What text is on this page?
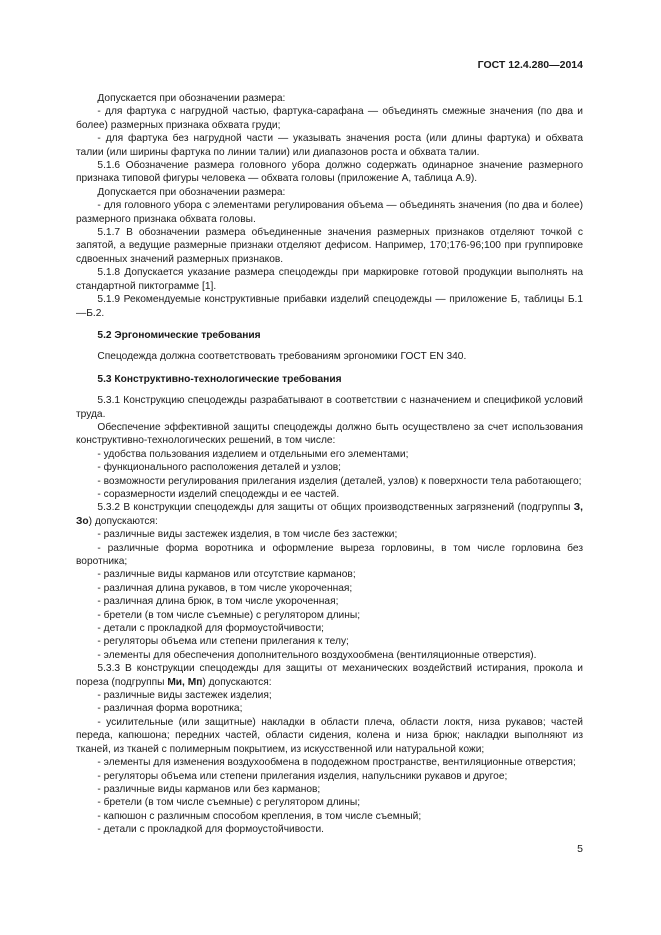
ГОСТ 12.4.280—2014

Допускается при обозначении размера:

- для фартука с нагрудной частью, фартука-сарафана — объединять смежные значения (по два и более) размерных признака обхвата груди;

- для фартука без нагрудной части — указывать значения роста (или длины фартука) и обхвата талии (или ширины фартука по линии талии) или диапазонов роста и обхвата талии.

5.1.6 Обозначение размера головного убора должно содержать одинарное значение размерного признака типовой фигуры человека — обхвата головы (приложение А, таблица А.9).

Допускается при обозначении размера:

- для головного убора с элементами регулирования объема — объединять значения (по два и более) размерного признака обхвата головы.

5.1.7 В обозначении размера объединенные значения размерных признаков отделяют точкой с запятой, а ведущие размерные признаки отделяют дефисом. Например, 170;176-96;100 при группировке сдвоенных значений размерных признаков.

5.1.8 Допускается указание размера спецодежды при маркировке готовой продукции выполнять на стандартной пиктограмме [1].

5.1.9 Рекомендуемые конструктивные прибавки изделий спецодежды — приложение Б, таблицы Б.1—Б.2.

5.2 Эргономические требования

Спецодежда должна соответствовать требованиям эргономики ГОСТ EN 340.

5.3 Конструктивно-технологические требования

5.3.1 Конструкцию спецодежды разрабатывают в соответствии с назначением и спецификой условий труда.

Обеспечение эффективной защиты спецодежды должно быть осуществлено за счет использования конструктивно-технологических решений, в том числе:

- удобства пользования изделием и отдельными его элементами;

- функционального расположения деталей и узлов;

- возможности регулирования прилегания изделия (деталей, узлов) к поверхности тела работающего;

- соразмерности изделий спецодежды и ее частей.

5.3.2 В конструкции спецодежды для защиты от общих производственных загрязнений (подгруппы З, Зо) допускаются:

- различные виды застежек изделия, в том числе без застежки;

- различные форма воротника и оформление выреза горловины, в том числе горловина без воротника;

- различные виды карманов или отсутствие карманов;

- различная длина рукавов, в том числе укороченная;

- различная длина брюк, в том числе укороченная;

- бретели (в том числе съемные) с регулятором длины;

- детали с прокладкой для формоустойчивости;

- регуляторы объема или степени прилегания к телу;

- элементы для обеспечения дополнительного воздухообмена (вентиляционные отверстия).

5.3.3 В конструкции спецодежды для защиты от механических воздействий истирания, прокола и пореза (подгруппы Ми, Мп) допускаются:

- различные виды застежек изделия;

- различная форма воротника;

- усилительные (или защитные) накладки в области плеча, области локтя, низа рукавов; частей переда, капюшона; передних частей, области сидения, колена и низа брюк; накладки выполняют из тканей, из тканей с полимерным покрытием, из искусственной или натуральной кожи;

- элементы для изменения воздухообмена в пододежном пространстве, вентиляционные отверстия;

- регуляторы объема или степени прилегания изделия, напульсники рукавов и другое;

- различные виды карманов или без карманов;

- бретели (в том числе съемные) с регулятором длины;

- капюшон с различным способом крепления, в том числе съемный;

- детали с прокладкой для формоустойчивости.

5
